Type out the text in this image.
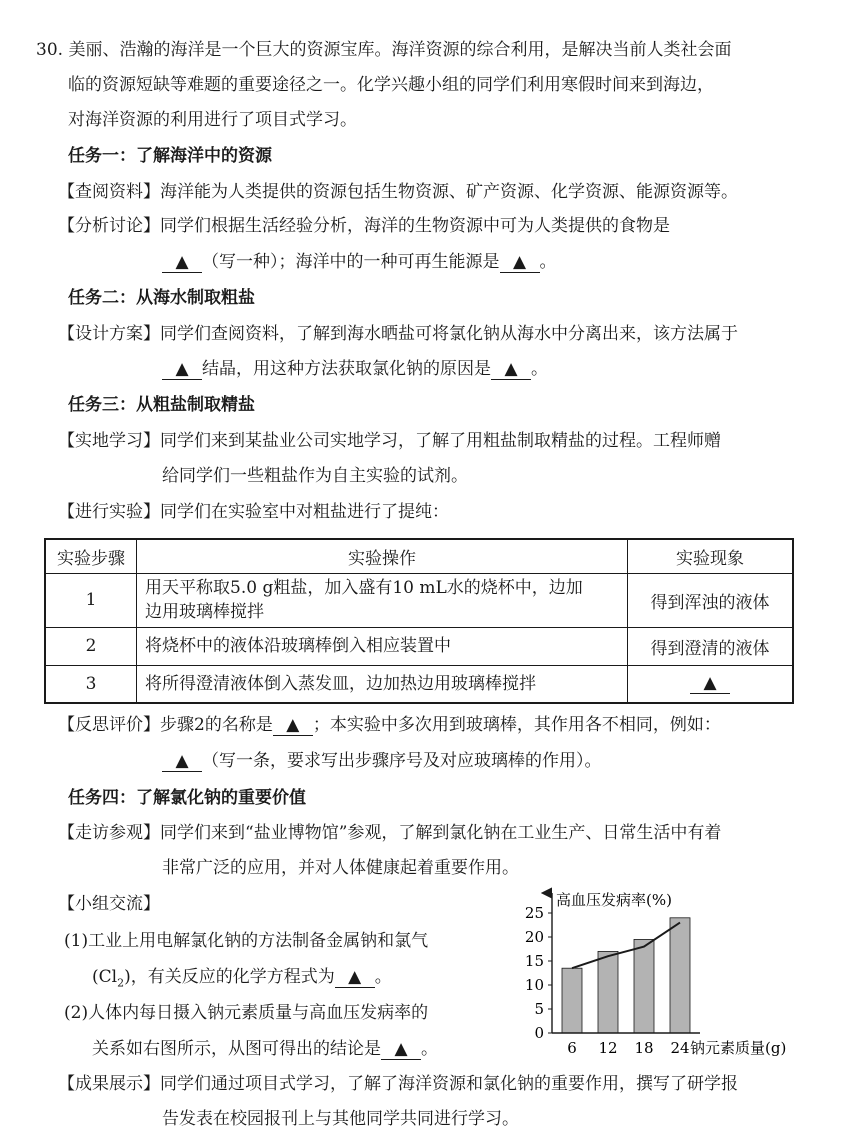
30. 美丽、浩瀚的海洋是一个巨大的资源宝库。海洋资源的综合利用，是解决当前人类社会面
临的资源短缺等难题的重要途径之一。化学兴趣小组的同学们利用寒假时间来到海边，
对海洋资源的利用进行了项目式学习。
任务一：了解海洋中的资源
【查阅资料】海洋能为人类提供的资源包括生物资源、矿产资源、化学资源、能源资源等。
【分析讨论】同学们根据生活经验分析，海洋的生物资源中可为人类提供的食物是
▲ （写一种）；海洋中的一种可再生能源是 ▲ 。
任务二：从海水制取粗盐
【设计方案】同学们查阅资料，了解到海水晒盐可将氯化钠从海水中分离出来，该方法属于
▲ 结晶，用这种方法获取氯化钠的原因是 ▲ 。
任务三：从粗盐制取精盐
【实地学习】同学们来到某盐业公司实地学习，了解了用粗盐制取精盐的过程。工程师赠
给同学们一些粗盐作为自主实验的试剂。
【进行实验】同学们在实验室中对粗盐进行了提纯：
实验步骤	实验操作	实验现象
1	用天平称取5.0 g粗盐，加入盛有10 mL水的烧杯中，边加
边用玻璃棒搅拌	得到浑浊的液体
2	将烧杯中的液体沿玻璃棒倒入相应装置中	得到澄清的液体
3	将所得澄清液体倒入蒸发皿，边加热边用玻璃棒搅拌	▲
【反思评价】步骤2的名称是 ▲ ；本实验中多次用到玻璃棒，其作用各不相同，例如：
▲ （写一条，要求写出步骤序号及对应玻璃棒的作用）。
任务四：了解氯化钠的重要价值
【走访参观】同学们来到“盐业博物馆”参观，了解到氯化钠在工业生产、日常生活中有着
非常广泛的应用，并对人体健康起着重要作用。
【小组交流】
(1)工业上用电解氯化钠的方法制备金属钠和氯气
$(Cl_2)$，有关反应的化学方程式为 ▲ 。
(2)人体内每日摄入钠元素质量与高血压发病率的
关系如右图所示，从图可得出的结论是 ▲ 。
【成果展示】同学们通过项目式学习，了解了海洋资源和氯化钠的重要作用，撰写了研学报
告发表在校园报刊上与其他同学共同进行学习。
0
5
10
15
20
25
6 12 18 24
高血压发病率(%)
钠元素质量(g)
